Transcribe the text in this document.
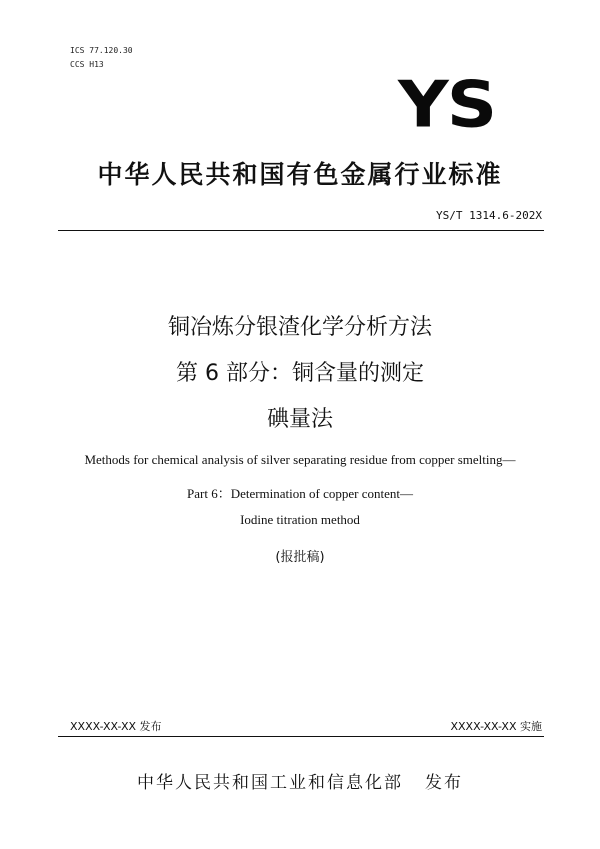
ICS 77.120.30
CCS H13
YS
中华人民共和国有色金属行业标准
YS/T 1314.6-202X
铜冶炼分银渣化学分析方法
第 6 部分：铜含量的测定
碘量法
Methods for chemical analysis of silver separating residue from copper smelting—
Part 6：Determination of copper content—
Iodine titration method
(报批稿)
XXXX-XX-XX 发布	XXXX-XX-XX 实施
中华人民共和国工业和信息化部 发布
